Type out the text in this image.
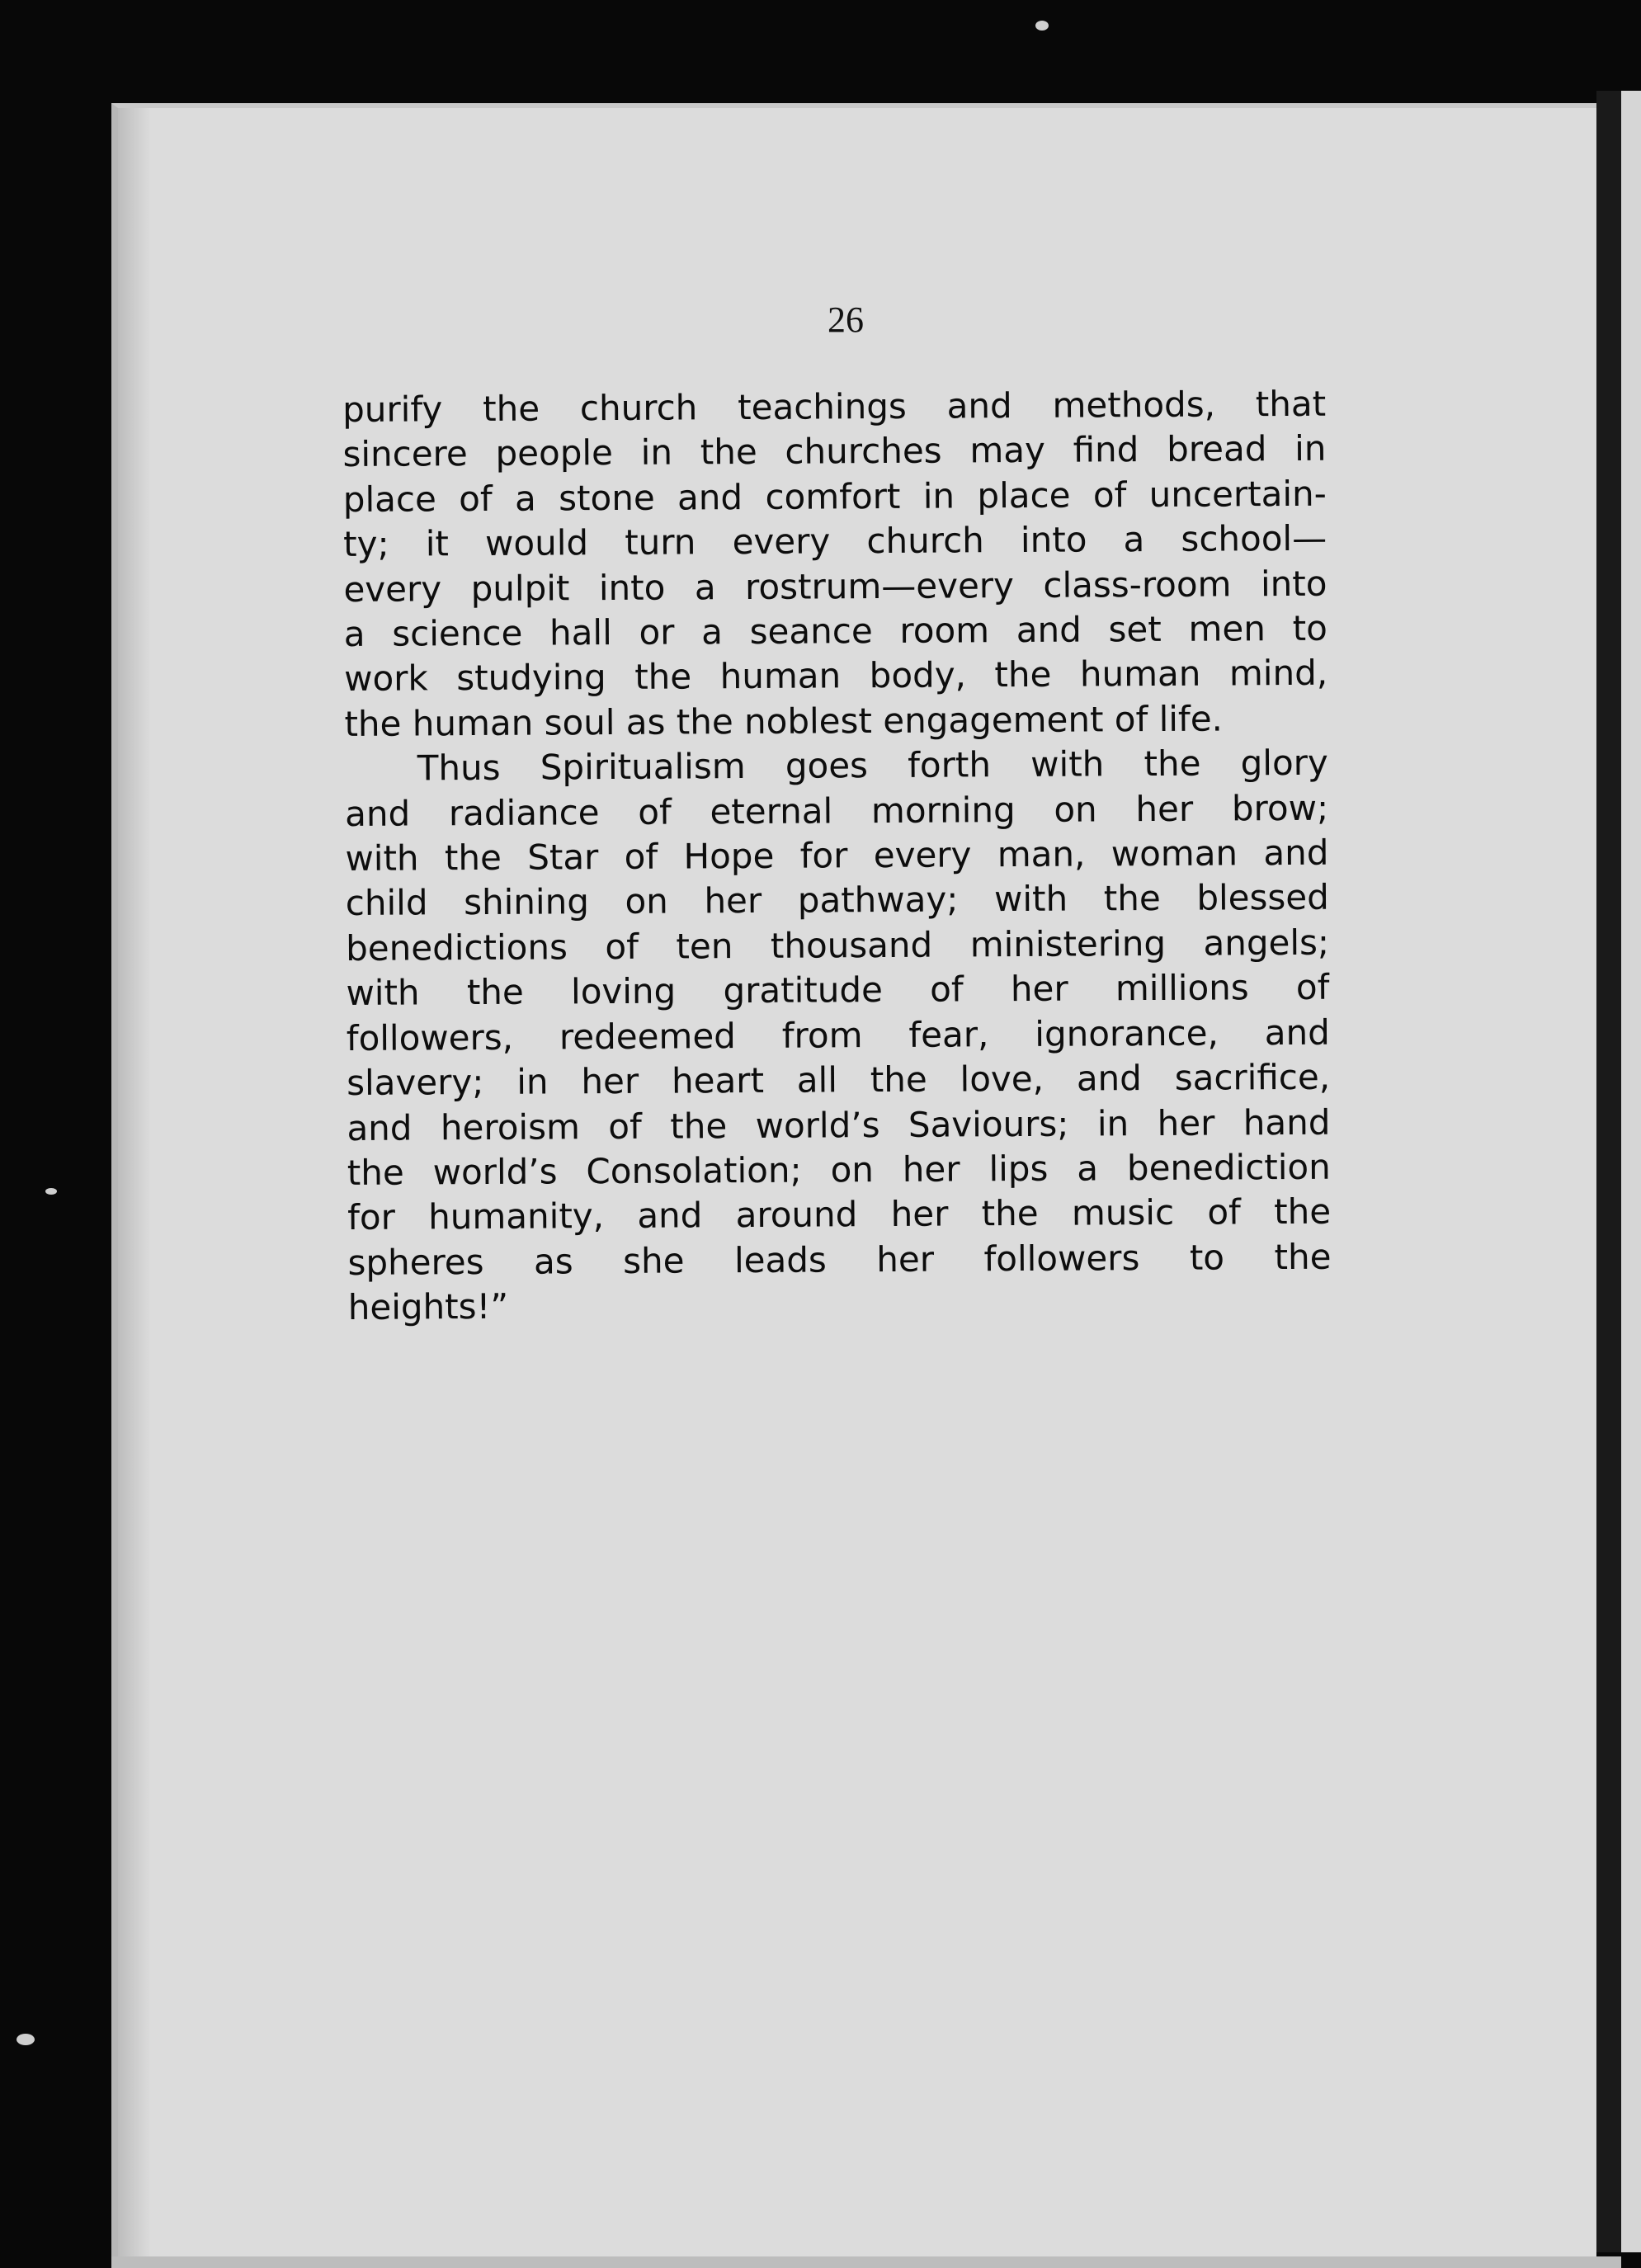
26
purify the church teachings and methods, that
sincere people in the churches may find bread in
place of a stone and comfort in place of uncertain-
ty; it would turn every church into a school—
every pulpit into a rostrum—every class-room into
a science hall or a seance room and set men to
work studying the human body, the human mind,
the human soul as the noblest engagement of life.
Thus Spiritualism goes forth with the glory
and radiance of eternal morning on her brow;
with the Star of Hope for every man, woman and
child shining on her pathway; with the blessed
benedictions of ten thousand ministering angels;
with the loving gratitude of her millions of
followers, redeemed from fear, ignorance, and
slavery; in her heart all the love, and sacrifice,
and heroism of the world’s Saviours; in her hand
the world’s Consolation; on her lips a benediction
for humanity, and around her the music of the
spheres as she leads her followers to the
heights!”
